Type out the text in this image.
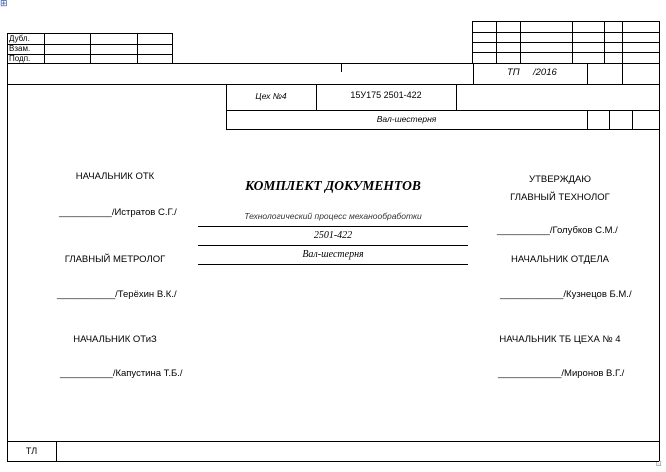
⊞
⊡
Дубл.
Взам.
Подп.
ТП /2016
Цех №4	15У175 2501-422
Вал-шестерня
КОМПЛЕКТ ДОКУМЕНТОВ
Технологический процесс механообработки
2501-422
Вал-шестерня
НАЧАЛЬНИК ОТК
__________/Истратов С.Г./
ГЛАВНЫЙ МЕТРОЛОГ
___________/Терёхин В.К./
НАЧАЛЬНИК ОТиЗ
__________/Капустина Т.Б./
УТВЕРЖДАЮ
ГЛАВНЫЙ ТЕХНОЛОГ
__________/Голубков С.М./
НАЧАЛЬНИК ОТДЕЛА
____________/Кузнецов Б.М./
НАЧАЛЬНИК ТБ ЦЕХА № 4
____________/Миронов В.Г./
ТЛ
